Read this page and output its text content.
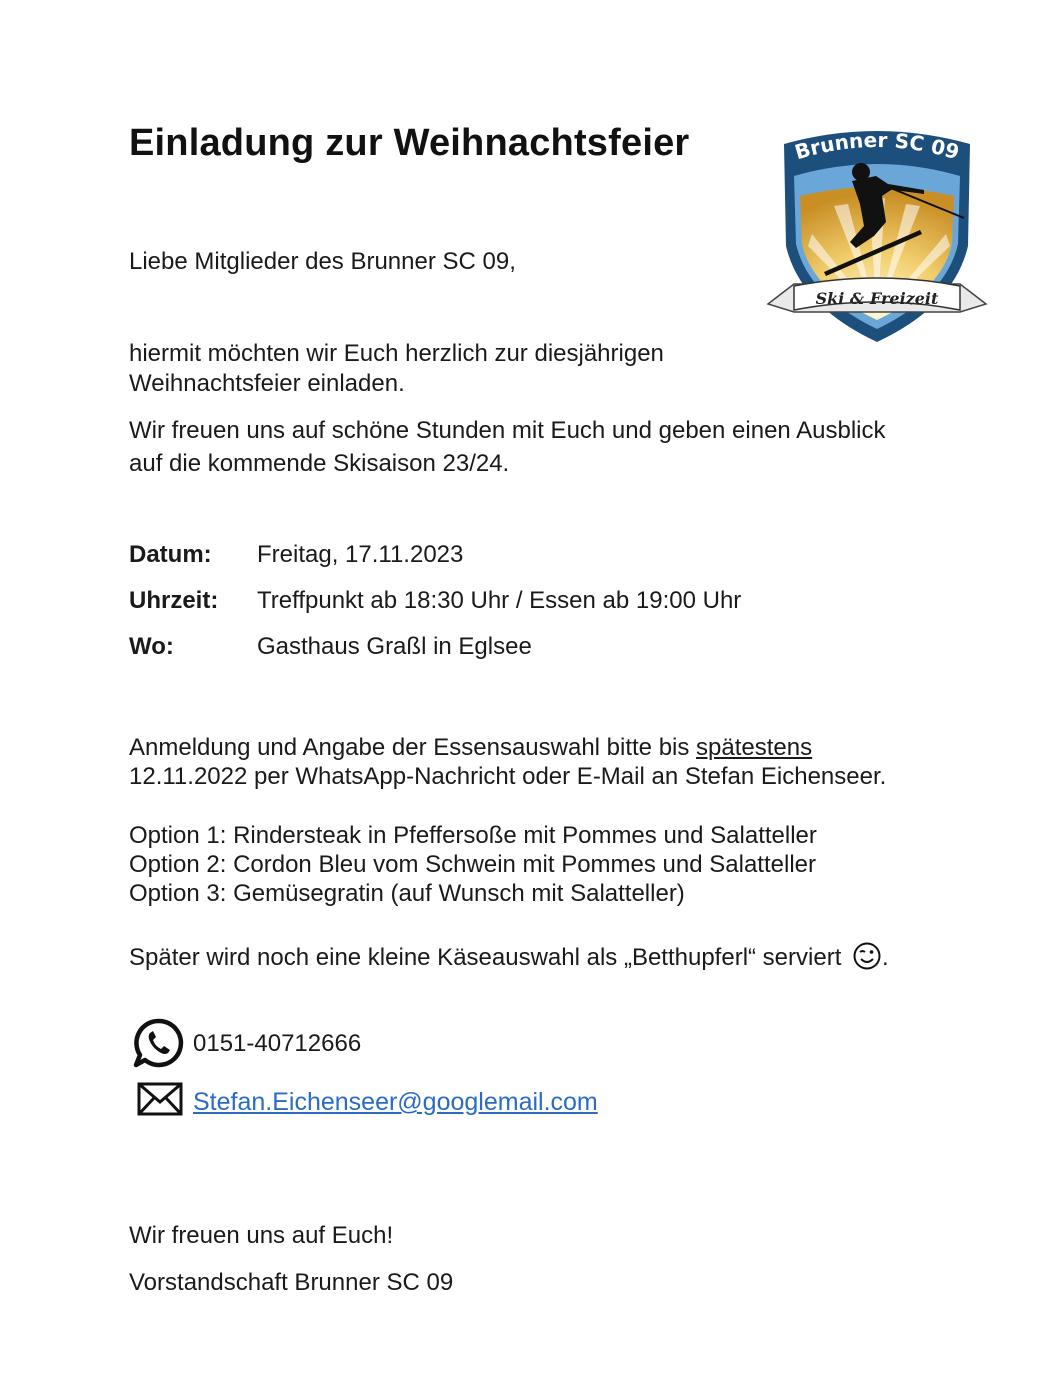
Einladung zur Weihnachtsfeier	Brunner SC 09
Ski & Freizeit
Liebe Mitglieder des Brunner SC 09,
hiermit möchten wir Euch herzlich zur diesjährigen
Weihnachtsfeier einladen.
Wir freuen uns auf schöne Stunden mit Euch und geben einen Ausblick
auf die kommende Skisaison 23/24.
Datum: Freitag, 17.11.2023
Uhrzeit: Treffpunkt ab 18:30 Uhr / Essen ab 19:00 Uhr
Wo:	Gasthaus Graßl in Eglsee
Anmeldung und Angabe der Essensauswahl bitte bis spätestens
12.11.2022 per WhatsApp-Nachricht oder E-Mail an Stefan Eichenseer.
Option 1: Rindersteak in Pfeffersoße mit Pommes und Salatteller
Option 2: Cordon Bleu vom Schwein mit Pommes und Salatteller
Option 3: Gemüsegratin (auf Wunsch mit Salatteller)
Später wird noch eine kleine Käseauswahl als „Betthupferl“ serviert .
0151-40712666
Stefan.Eichenseer@googlemail.com
Wir freuen uns auf Euch!
Vorstandschaft Brunner SC 09
